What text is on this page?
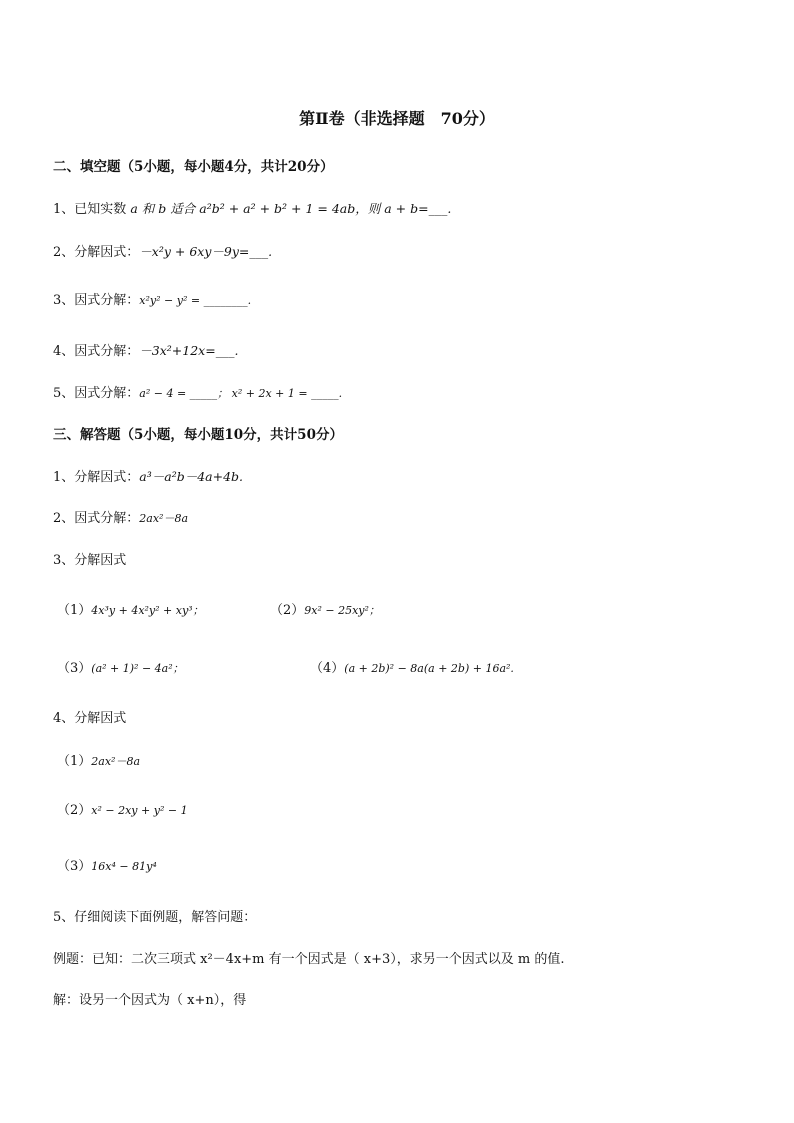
第Ⅱ卷（非选择题　70分）
二、填空题（5小题，每小题4分，共计20分）
1、已知实数 a 和 b 适合 a²b² + a² + b² + 1 = 4ab，则 a + b=___.
2、分解因式：－x²y + 6xy－9y=___.
3、因式分解：x²y² − y² = ________.
4、因式分解：－3x²+12x=___.
5、因式分解：a² − 4 = _____； x² + 2x + 1 = _____.
三、解答题（5小题，每小题10分，共计50分）
1、分解因式：a³－a²b－4a+4b.
2、因式分解：2ax²－8a
3、分解因式
（1）4x³y + 4x²y² + xy³；	（2）9x² − 25xy²；
（3）(a² + 1)² − 4a²；	（4）(a + 2b)² − 8a(a + 2b) + 16a².
4、分解因式
（1）2ax²－8a
（2）x² − 2xy + y² − 1
（3）16x⁴ − 81y⁴
5、仔细阅读下面例题，解答问题：
例题：已知：二次三项式 x²－4x+m 有一个因式是（ x+3），求另一个因式以及 m 的值.
解：设另一个因式为（ x+n），得
